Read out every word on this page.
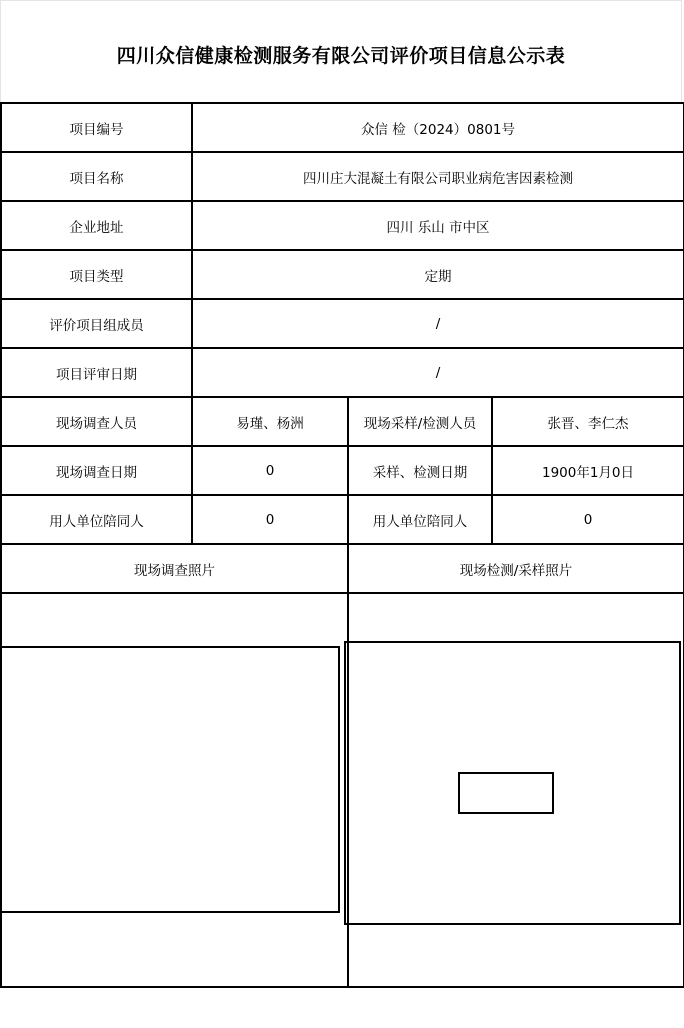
四川众信健康检测服务有限公司评价项目信息公示表
项目编号	众信 检（2024）0801号		
项目名称	四川庄大混凝土有限公司职业病危害因素检测		
企业地址	四川 乐山 市中区		
项目类型	定期		
评价项目组成员	/		
项目评审日期	/		
现场调查人员	易瑾、杨洲	现场采样/检测人员	张晋、李仁杰
现场调查日期	0	采样、检测日期	1900年1月0日
用人单位陪同人	0	用人单位陪同人	0
现场调查照片		现场检测/采样照片	
